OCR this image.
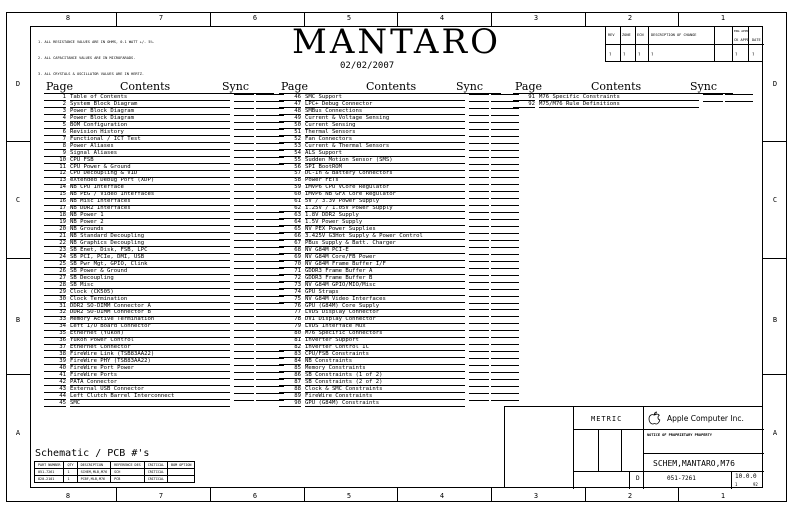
8	7	6	5	4	3	2	1
8	7	6	5	4	3	2	1
D
C
B
A
D
C
B
A

1. ALL RESISTANCE VALUES ARE IN OHMS, 0.1 WATT +/- 5%.

2. ALL CAPACITANCE VALUES ARE IN MICROFARADS.

3. ALL CRYSTALS & OSCILLATOR VALUES ARE IN HERTZ.

MANTARO
02/02/2007
REV ZONE ECN DESCRIPTION OF CHANGE
ENG APPD
CK APPD DATE
?	?	?	?	?	?
Page	Contents	Sync	Page	Contents	Sync	Page	Contents	Sync
1 Table of Contents
2 System Block Diagram
3 Power Block Diagram
4 Power Block Diagram
5 BOM Configuration
6 Revision History
7 Functional / ICT Test
8 Power Aliases
9 Signal Aliases
10 CPU FSB
11 CPU Power & Ground
12 CPU Decoupling & VID
13 eXtended Debug Port (XDP)
14 NB CPU Interface
15 NB PEG / Video Interfaces
16 NB Misc Interfaces
17 NB DDR2 Interfaces
18 NB Power 1
19 NB Power 2
20 NB Grounds
21 NB Standard Decoupling
22 NB Graphics Decoupling
23 SB Enet, Disk, FSB, LPC
24 SB PCI, PCIe, DMI, USB
25 SB Pwr Mgt, GPIO, Clink
26 SB Power & Ground
27 SB Decoupling
28 SB Misc
29 Clock (CK505)
30 Clock Termination
31 DDR2 SO-DIMM Connector A
32 DDR2 SO-DIMM Connector B
33 Memory Active Termination
34 Left I/O Board Connector
35 Ethernet (Yukon)
36 Yukon Power Control
37 Ethernet Connector
38 FireWire Link (TSB83AA22)
39 FireWire PHY (TSB83AA22)
40 FireWire Port Power
41 FireWire Ports
42 PATA Connector
43 External USB Connector
44 Left Clutch Barrel Interconnect
45 SMC
46 SMC Support
47 LPC+ Debug Connector
48 SMBus Connections
49 Current & Voltage Sensing
50 Current Sensing
51 Thermal Sensors
52 Fan Connectors
53 Current & Thermal Sensors
54 ALS Support
55 Sudden Motion Sensor (SMS)
56 SPI BootROM
57 DC-In & Battery Connectors
58 Power FETs
59 IMVP6 CPU VCore Regulator
60 IMVP6 NB GFX Core Regulator
61 5V / 3.3V Power Supply
62 1.25V / 1.05V Power Supply
63 1.8V DDR2 Supply
64 1.5V Power Supply
65 NV PEX Power Supplies
66 3.425V G3Hot Supply & Power Control
67 PBus Supply & Batt. Charger
68 NV G84M PCI-E
69 NV G84M Core/FB Power
70 NV G84M Frame Buffer I/F
71 GDDR3 Frame Buffer A
72 GDDR3 Frame Buffer B
73 NV G84M GPIO/MIO/Misc
74 GPU Straps
75 NV G84M Video Interfaces
76 GPU (G84M) Core Supply
77 LVDS Display Connector
78 DVI Display Connector
79 LVDS Interface Mux
80 M76 Specific Connectors
81 Inverter Support
82 Inverter Control IC
83 CPU/FSB Constraints
84 NB Constraints
85 Memory Constraints
86 SB Constraints (1 of 2)
87 SB Constraints (2 of 2)
88 Clock & SMC Constraints
89 FireWire Constraints
90 GPU (G84M) Constraints
91 M76 Specific Constraints
92 M75/M76 Rule Definitions
Schematic / PCB #'s
PART NUMBER	QTY	DESCRIPTION	REFERENCE DES	CRITICAL	BOM OPTION
051-7261	1	SCHEM,MLB,M76	SCH	CRITICAL	
820-2101	1	PCBF,MLB,M76	PCB	CRITICAL	
METRIC	Apple Computer Inc.
NOTICE OF PROPRIETARY PROPERTY
SCHEM,MANTARO,M76
D	051-7261	10.0.0
1	92
